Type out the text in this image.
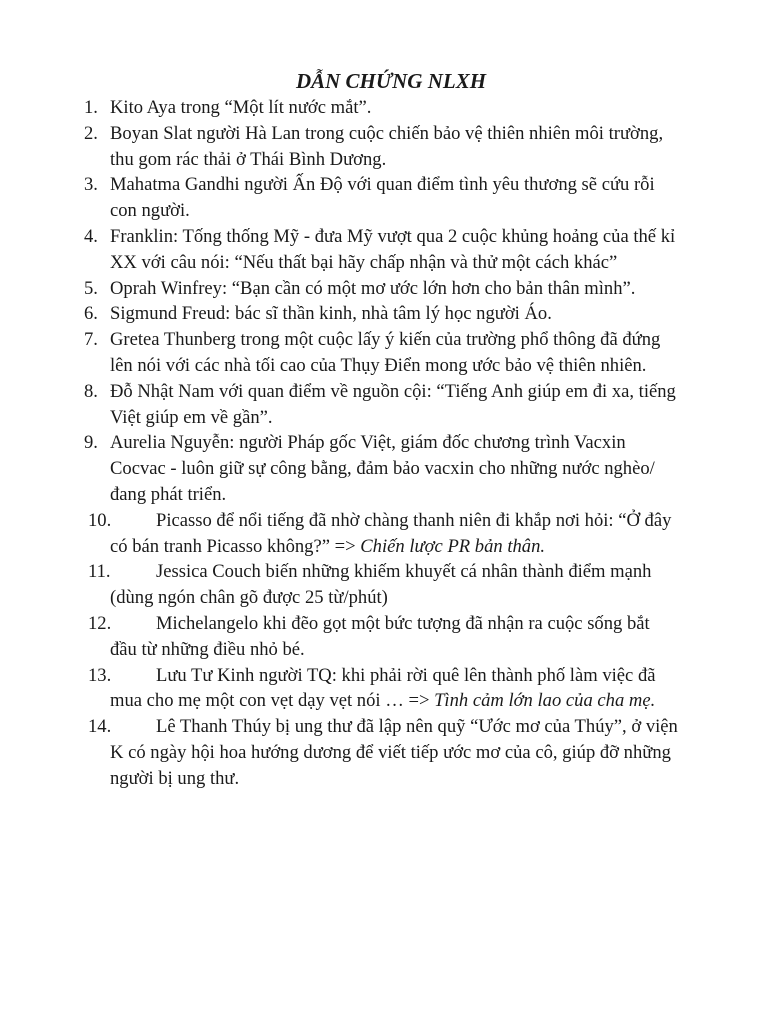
DẪN CHỨNG NLXH
1. Kito Aya trong “Một lít nước mắt”.
2. Boyan Slat người Hà Lan trong cuộc chiến bảo vệ thiên nhiên môi trường, thu gom rác thải ở Thái Bình Dương.
3. Mahatma Gandhi người Ấn Độ với quan điểm tình yêu thương sẽ cứu rỗi con người.
4. Franklin: Tống thống Mỹ - đưa Mỹ vượt qua 2 cuộc khủng hoảng của thế kỉ XX với câu nói: “Nếu thất bại hãy chấp nhận và thử một cách khác”
5. Oprah Winfrey: “Bạn cần có một mơ ước lớn hơn cho bản thân mình”.
6. Sigmund Freud: bác sĩ thần kinh, nhà tâm lý học người Áo.
7. Gretea Thunberg trong một cuộc lấy ý kiến của trường phổ thông đã đứng lên nói với các nhà tối cao của Thụy Điển mong ước bảo vệ thiên nhiên.
8. Đỗ Nhật Nam với quan điểm về nguồn cội: “Tiếng Anh giúp em đi xa, tiếng Việt giúp em về gần”.
9. Aurelia Nguyễn: người Pháp gốc Việt, giám đốc chương trình Vacxin Cocvac - luôn giữ sự công bằng, đảm bảo vacxin cho những nước nghèo/ đang phát triển.
10. Picasso để nổi tiếng đã nhờ chàng thanh niên đi khắp nơi hỏi: “Ở đây có bán tranh Picasso không?” => Chiến lược PR bản thân.
11. Jessica Couch biến những khiếm khuyết cá nhân thành điểm mạnh (dùng ngón chân gõ được 25 từ/phút)
12. Michelangelo khi đẽo gọt một bức tượng đã nhận ra cuộc sống bắt đầu từ những điều nhỏ bé.
13. Lưu Tư Kinh người TQ: khi phải rời quê lên thành phố làm việc đã mua cho mẹ một con vẹt dạy vẹt nói … => Tình cảm lớn lao của cha mẹ.
14. Lê Thanh Thúy bị ung thư đã lập nên quỹ “Ước mơ của Thúy”, ở viện K có ngày hội hoa hướng dương để viết tiếp ước mơ của cô, giúp đỡ những người bị ung thư.
